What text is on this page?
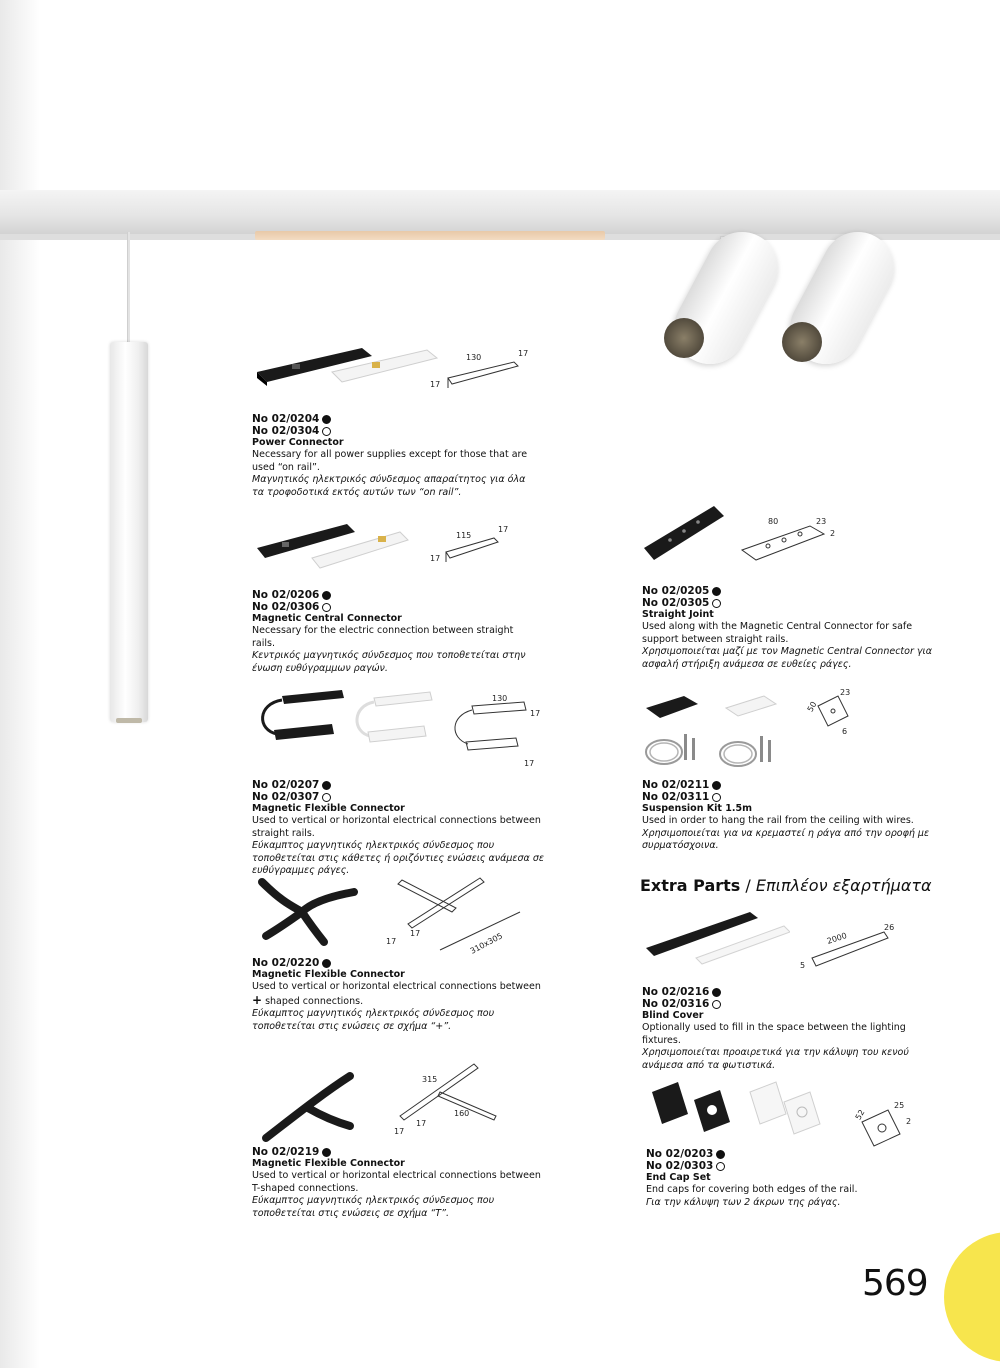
130	17
17
No 02/0204
No 02/0304
Power Connector
Necessary for all power supplies except for those that are used “on rail”.
Μαγνητικός ηλεκτρικός σύνδεσμος απαραίτητος για όλα τα τροφοδοτικά εκτός αυτών των “on rail”.
115
17
17
No 02/0206
No 02/0306
Magnetic Central Connector
Necessary for the electric connection between straight rails.
Κεντρικός μαγνητικός σύνδεσμος που τοποθετείται στην ένωση ευθύγραμμων ραγών.
130
17
17
No 02/0207
No 02/0307
Magnetic Flexible Connector
Used to vertical or horizontal electrical connections between straight rails.
Εύκαμπτος μαγνητικός ηλεκτρικός σύνδεσμος που τοποθετείται στις κάθετες ή οριζόντιες ενώσεις ανάμεσα σε ευθύγραμμες ράγες.
17
17	310x305
No 02/0220
Magnetic Flexible Connector
Used to vertical or horizontal electrical connections between
+ shaped connections.
Εύκαμπτος μαγνητικός ηλεκτρικός σύνδεσμος που τοποθετείται στις ενώσεις σε σχήμα “+”.
315
160
17
17
No 02/0219
Magnetic Flexible Connector
Used to vertical or horizontal electrical connections between T-shaped connections.
Εύκαμπτος μαγνητικός ηλεκτρικός σύνδεσμος που τοποθετείται στις ενώσεις σε σχήμα “T”.
80	23
2
No 02/0205
No 02/0305
Straight Joint
Used along with the Magnetic Central Connector for safe support between straight rails.
Χρησιμοποιείται μαζί με τον Magnetic Central Connector για ασφαλή στήριξη ανάμεσα σε ευθείες ράγες.
23
50
6
No 02/0211
No 02/0311
Suspension Kit 1.5m
Used in order to hang the rail from the ceiling with wires.
Χρησιμοποιείται για να κρεμαστεί η ράγα από την οροφή με συρματόσχοινα.
Extra Parts / Επιπλέον εξαρτήματα
2000
26
5
No 02/0216
No 02/0316
Blind Cover
Optionally used to fill in the space between the lighting fixtures.
Χρησιμοποιείται προαιρετικά για την κάλυψη του κενού ανάμεσα από τα φωτιστικά.
25
52
2
No 02/0203
No 02/0303
End Cap Set
End caps for covering both edges of the rail.
Για την κάλυψη των 2 άκρων της ράγας.
569
